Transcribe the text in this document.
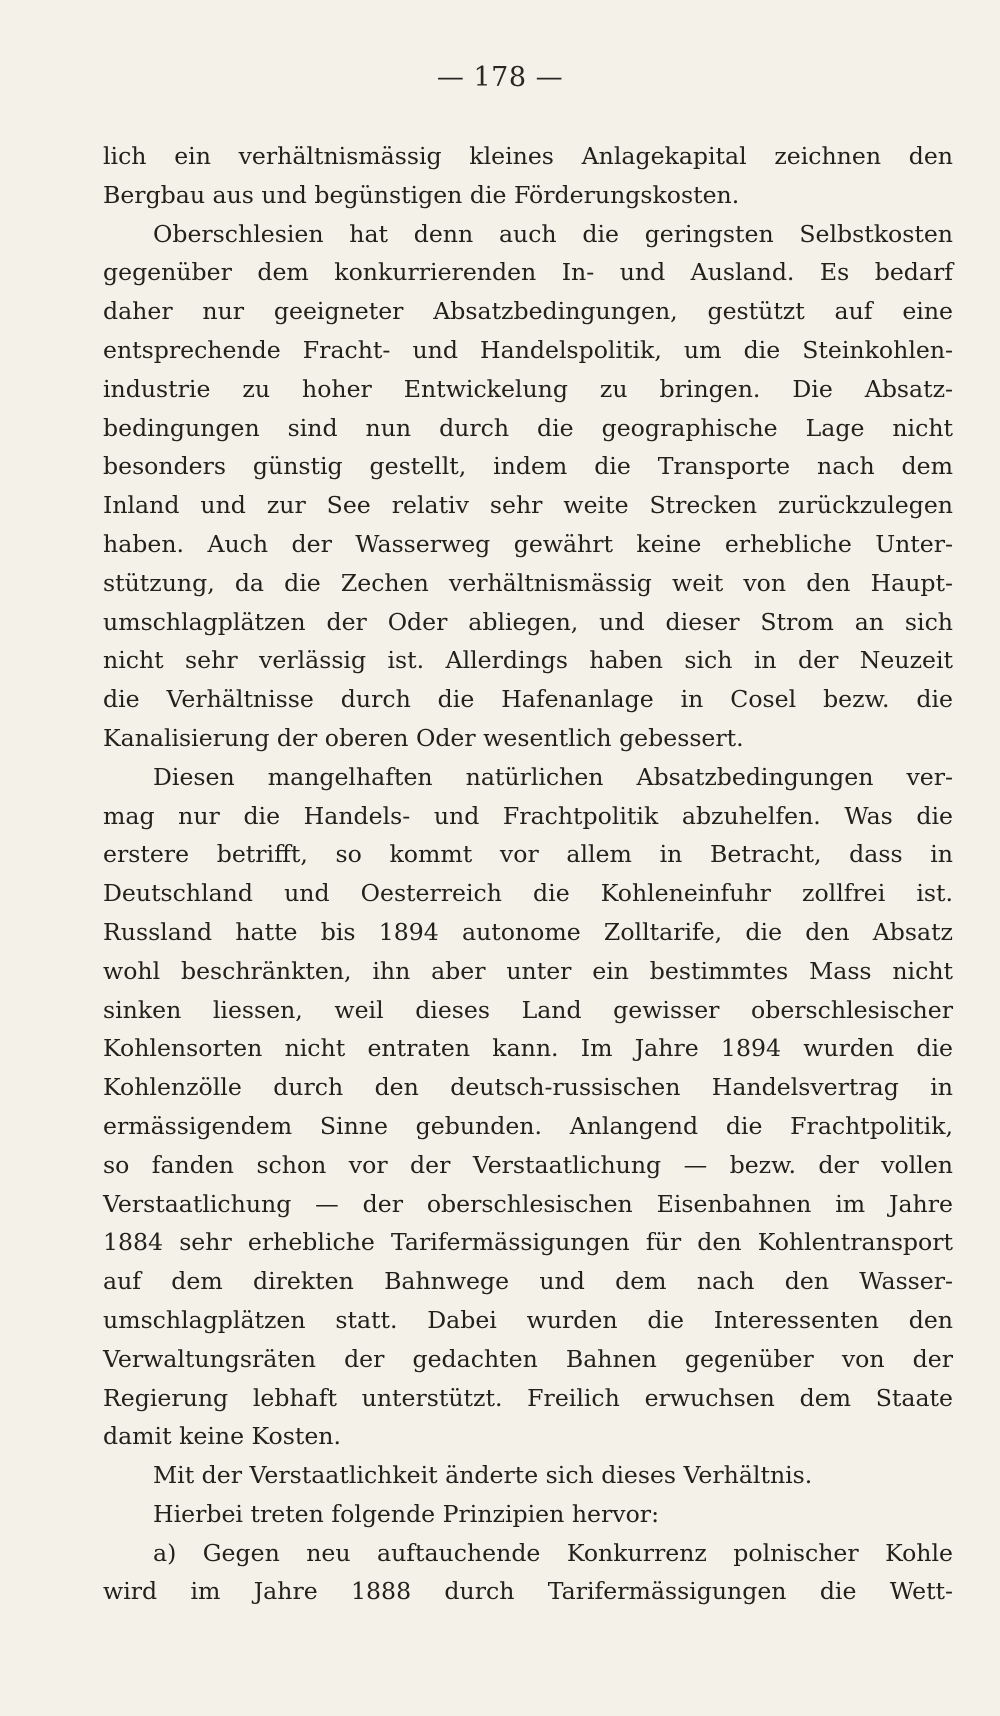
— 178 —
lich ein verhältnismässig kleines Anlagekapital zeichnen den
Bergbau aus und begünstigen die Förderungskosten.
Oberschlesien hat denn auch die geringsten Selbstkosten
gegenüber dem konkurrierenden In- und Ausland. Es bedarf
daher nur geeigneter Absatzbedingungen, gestützt auf eine
entsprechende Fracht- und Handelspolitik, um die Steinkohlen-
industrie zu hoher Entwickelung zu bringen. Die Absatz-
bedingungen sind nun durch die geographische Lage nicht
besonders günstig gestellt, indem die Transporte nach dem
Inland und zur See relativ sehr weite Strecken zurückzulegen
haben. Auch der Wasserweg gewährt keine erhebliche Unter-
stützung, da die Zechen verhältnismässig weit von den Haupt-
umschlagplätzen der Oder abliegen, und dieser Strom an sich
nicht sehr verlässig ist. Allerdings haben sich in der Neuzeit
die Verhältnisse durch die Hafenanlage in Cosel bezw. die
Kanalisierung der oberen Oder wesentlich gebessert.
Diesen mangelhaften natürlichen Absatzbedingungen ver-
mag nur die Handels- und Frachtpolitik abzuhelfen. Was die
erstere betrifft, so kommt vor allem in Betracht, dass in
Deutschland und Oesterreich die Kohleneinfuhr zollfrei ist.
Russland hatte bis 1894 autonome Zolltarife, die den Absatz
wohl beschränkten, ihn aber unter ein bestimmtes Mass nicht
sinken liessen, weil dieses Land gewisser oberschlesischer
Kohlensorten nicht entraten kann. Im Jahre 1894 wurden die
Kohlenzölle durch den deutsch-russischen Handelsvertrag in
ermässigendem Sinne gebunden. Anlangend die Frachtpolitik,
so fanden schon vor der Verstaatlichung — bezw. der vollen
Verstaatlichung — der oberschlesischen Eisenbahnen im Jahre
1884 sehr erhebliche Tarifermässigungen für den Kohlentransport
auf dem direkten Bahnwege und dem nach den Wasser-
umschlagplätzen statt. Dabei wurden die Interessenten den
Verwaltungsräten der gedachten Bahnen gegenüber von der
Regierung lebhaft unterstützt. Freilich erwuchsen dem Staate
damit keine Kosten.
Mit der Verstaatlichkeit änderte sich dieses Verhältnis.
Hierbei treten folgende Prinzipien hervor:
a) Gegen neu auftauchende Konkurrenz polnischer Kohle
wird im Jahre 1888 durch Tarifermässigungen die Wett-
